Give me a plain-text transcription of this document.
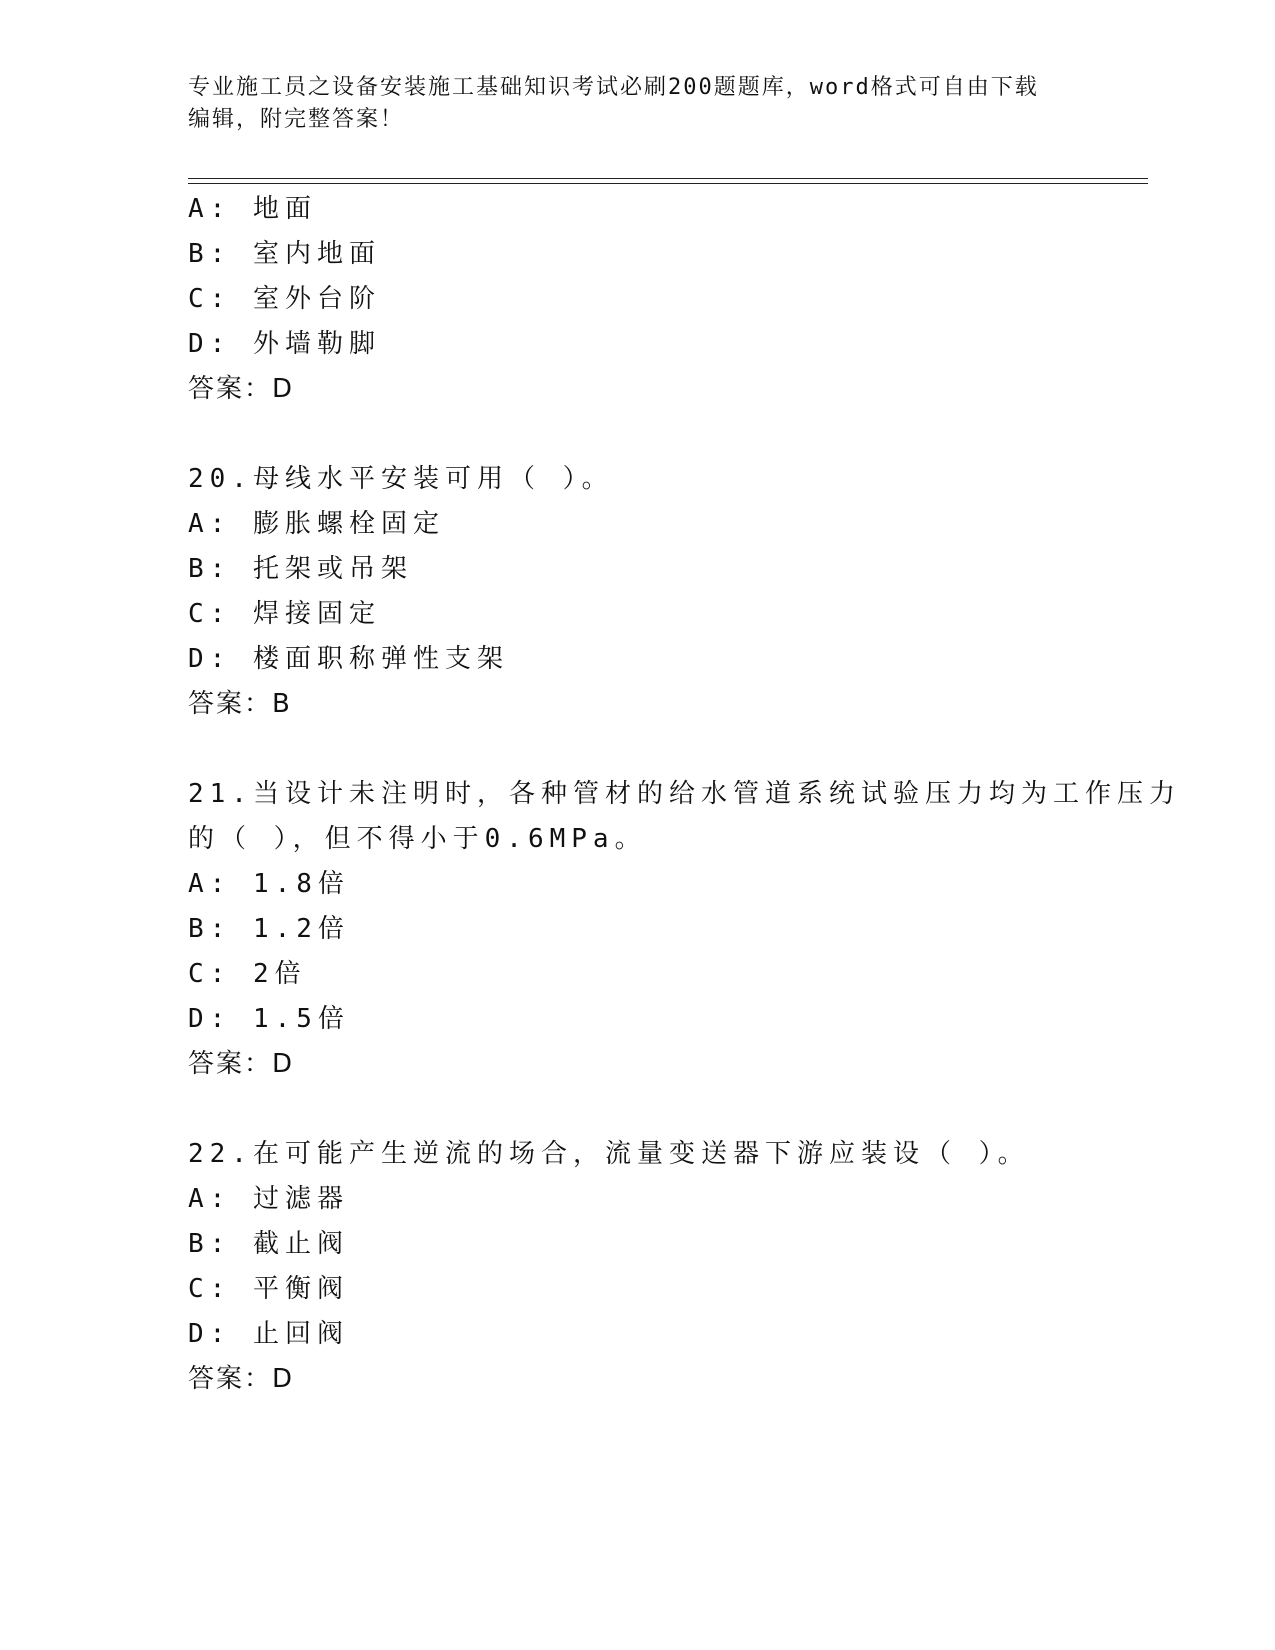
专业施工员之设备安装施工基础知识考试必刷200题题库，word格式可自由下载
编辑，附完整答案！
A: 地面
B: 室内地面
C: 室外台阶
D: 外墙勒脚
答案：D
20.母线水平安装可用（ ）。
A: 膨胀螺栓固定
B: 托架或吊架
C: 焊接固定
D: 楼面职称弹性支架
答案：B
21.当设计未注明时，各种管材的给水管道系统试验压力均为工作压力
的（ ），但不得小于0.6MPa。
A: 1.8倍
B: 1.2倍
C: 2倍
D: 1.5倍
答案：D
22.在可能产生逆流的场合，流量变送器下游应装设（ ）。
A: 过滤器
B: 截止阀
C: 平衡阀
D: 止回阀
答案：D
